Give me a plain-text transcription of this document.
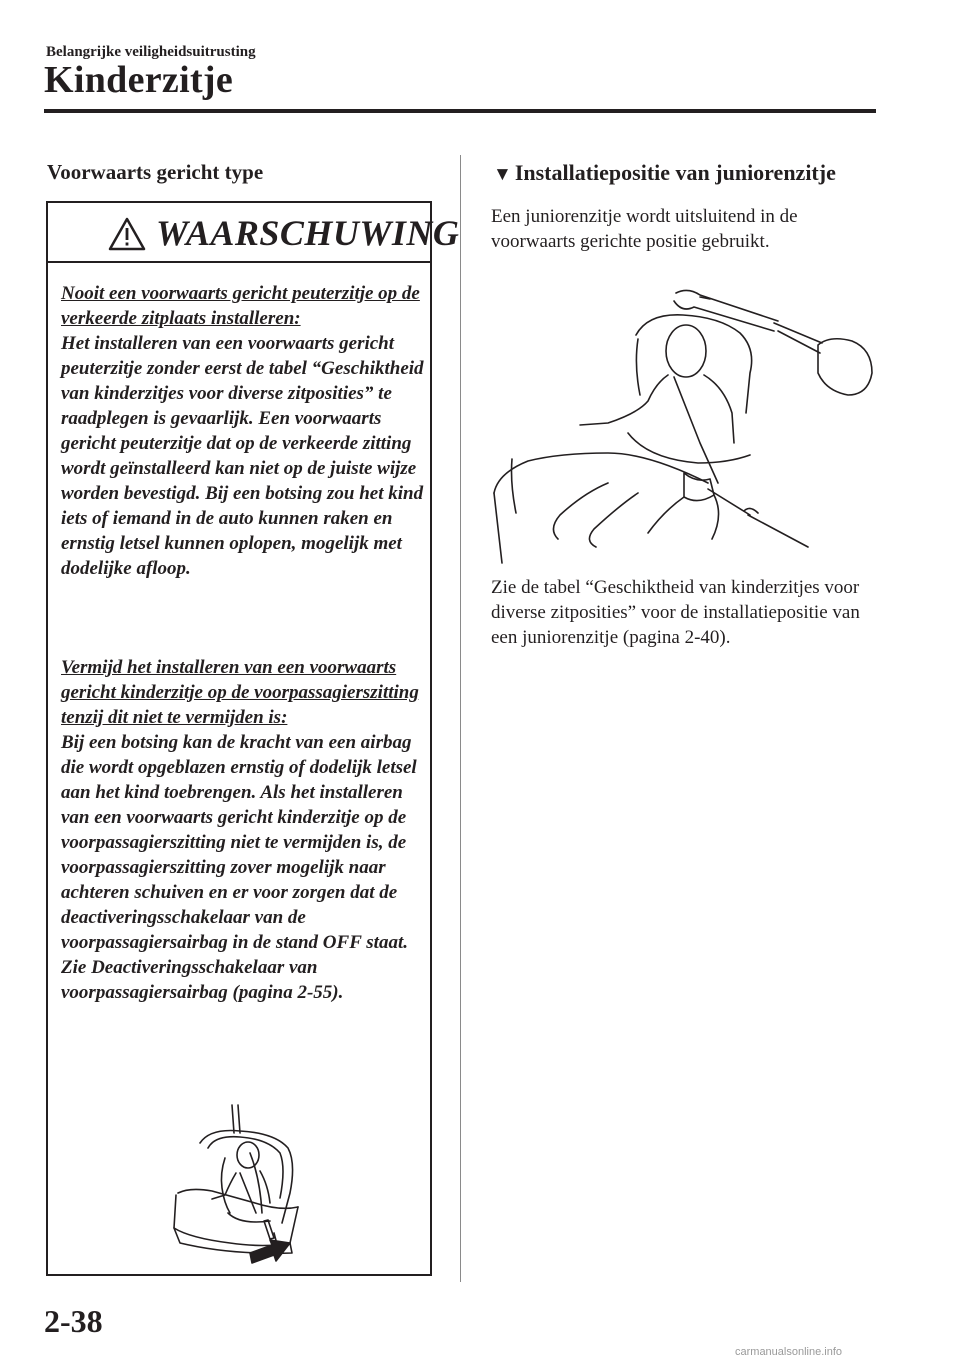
Belangrijke veiligheidsuitrusting
Kinderzitje
Voorwaarts gericht type
WAARSCHUWING

Nooit een voorwaarts gericht peuterzitje op de verkeerde zitplaats installeren:

Het installeren van een voorwaarts gericht peuterzitje zonder eerst de tabel “Geschiktheid van kinderzitjes voor diverse zitposities” te raadplegen is gevaarlijk. Een voorwaarts gericht peuterzitje dat op de verkeerde zitting wordt geïnstalleerd kan niet op de juiste wijze worden bevestigd. Bij een botsing zou het kind iets of iemand in de auto kunnen raken en ernstig letsel kunnen oplopen, mogelijk met dodelijke afloop.

Vermijd het installeren van een voorwaarts gericht kinderzitje op de voorpassagierszitting tenzij dit niet te vermijden is:

Bij een botsing kan de kracht van een airbag die wordt opgeblazen ernstig of dodelijk letsel aan het kind toebrengen. Als het installeren van een voorwaarts gericht kinderzitje op de voorpassagierszitting niet te vermijden is, de voorpassagierszitting zover mogelijk naar achteren schuiven en er voor zorgen dat de deactiveringsschakelaar van de voorpassagiersairbag in de stand OFF staat. Zie Deactiveringsschakelaar van voorpassagiersairbag (pagina 2-55).

▼ Installatiepositie van juniorenzitje

Een juniorenzitje wordt uitsluitend in de voorwaarts gerichte positie gebruikt.

Zie de tabel “Geschiktheid van kinderzitjes voor diverse zitposities” voor de installatiepositie van een juniorenzitje (pagina 2-40).

2-38
carmanualsonline.info
